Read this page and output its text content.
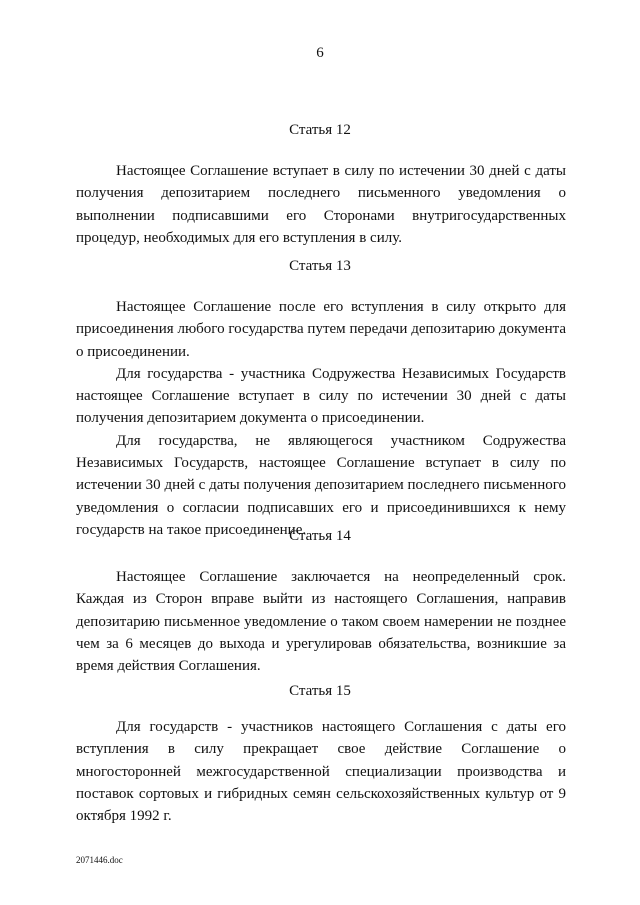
6
Статья 12

Настоящее Соглашение вступает в силу по истечении 30 дней с даты получения депозитарием последнего письменного уведомления о выполнении подписавшими его Сторонами внутригосударственных процедур, необходимых для его вступления в силу.

Статья 13

Настоящее Соглашение после его вступления в силу открыто для присоединения любого государства путем передачи депозитарию документа о присоединении.

Для государства - участника Содружества Независимых Государств настоящее Соглашение вступает в силу по истечении 30 дней с даты получения депозитарием документа о присоединении.

Для государства, не являющегося участником Содружества Независимых Государств, настоящее Соглашение вступает в силу по истечении 30 дней с даты получения депозитарием последнего письменного уведомления о согласии подписавших его и присоединившихся к нему государств на такое присоединение.

Статья 14

Настоящее Соглашение заключается на неопределенный срок. Каждая из Сторон вправе выйти из настоящего Соглашения, направив депозитарию письменное уведомление о таком своем намерении не позднее чем за 6 месяцев до выхода и урегулировав обязательства, возникшие за время действия Соглашения.

Статья 15

Для государств - участников настоящего Соглашения с даты его вступления в силу прекращает свое действие Соглашение о многосторонней межгосударственной специализации производства и поставок сортовых и гибридных семян сельскохозяйственных культур от 9 октября 1992 г.

2071446.doc
